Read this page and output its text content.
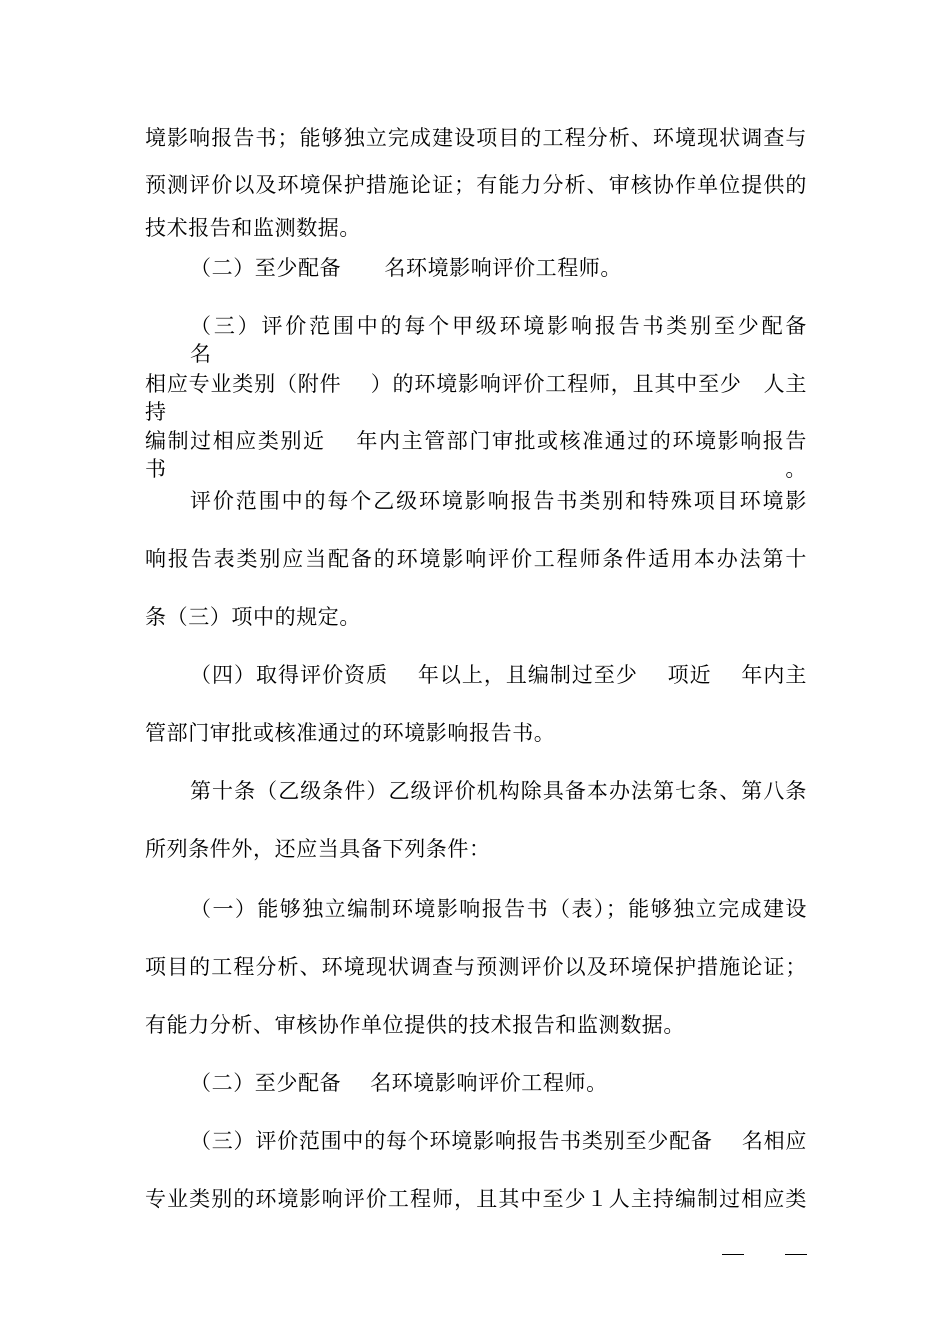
境影响报告书；能够独立完成建设项目的工程分析、环境现状调查与
预测评价以及环境保护措施论证；有能力分析、审核协作单位提供的
技术报告和监测数据。
（二）至少配备　　名环境影响评价工程师。
（三）评价范围中的每个甲级环境影响报告书类别至少配备　　名
相应专业类别（附件　 ）的环境影响评价工程师，且其中至少　人主持
编制过相应类别近　 年内主管部门审批或核准通过的环境影响报告书。
评价范围中的每个乙级环境影响报告书类别和特殊项目环境影
响报告表类别应当配备的环境影响评价工程师条件适用本办法第十
条（三）项中的规定。
（四）取得评价资质　 年以上，且编制过至少　 项近　 年内主
管部门审批或核准通过的环境影响报告书。
第十条（乙级条件）乙级评价机构除具备本办法第七条、第八条
所列条件外，还应当具备下列条件：
（一）能够独立编制环境影响报告书（表）；能够独立完成建设
项目的工程分析、环境现状调查与预测评价以及环境保护措施论证；
有能力分析、审核协作单位提供的技术报告和监测数据。
（二）至少配备　 名环境影响评价工程师。
（三）评价范围中的每个环境影响报告书类别至少配备　 名相应
专业类别的环境影响评价工程师，且其中至少１人主持编制过相应类
